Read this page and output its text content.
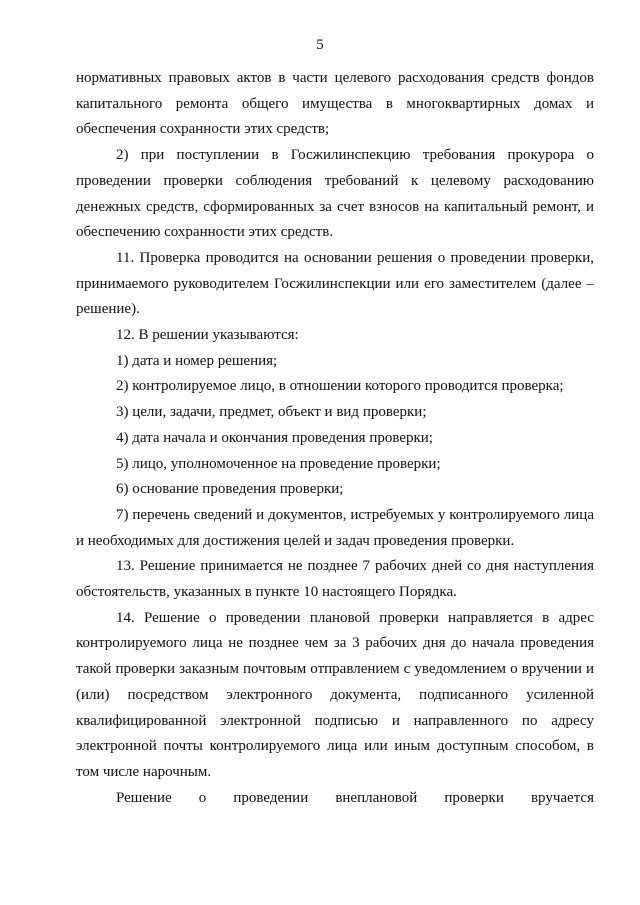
5

нормативных правовых актов в части целевого расходования средств фондов капитального ремонта общего имущества в многоквартирных домах и обеспечения сохранности этих средств;

2) при поступлении в Госжилинспекцию требования прокурора о проведении проверки соблюдения требований к целевому расходованию денежных средств, сформированных за счет взносов на капитальный ремонт, и обеспечению сохранности этих средств.

11. Проверка проводится на основании решения о проведении проверки, принимаемого руководителем Госжилинспекции или его заместителем (далее – решение).

12. В решении указываются:

1) дата и номер решения;

2) контролируемое лицо, в отношении которого проводится проверка;

3) цели, задачи, предмет, объект и вид проверки;

4) дата начала и окончания проведения проверки;

5) лицо, уполномоченное на проведение проверки;

6) основание проведения проверки;

7) перечень сведений и документов, истребуемых у контролируемого лица и необходимых для достижения целей и задач проведения проверки.

13. Решение принимается не позднее 7 рабочих дней со дня наступления обстоятельств, указанных в пункте 10 настоящего Порядка.

14. Решение о проведении плановой проверки направляется в адрес контролируемого лица не позднее чем за 3 рабочих дня до начала проведения такой проверки заказным почтовым отправлением с уведомлением о вручении и (или) посредством электронного документа, подписанного усиленной квалифицированной электронной подписью и направленного по адресу электронной почты контролируемого лица или иным доступным способом, в том числе нарочным.

Решение о проведении внеплановой проверки вручается
